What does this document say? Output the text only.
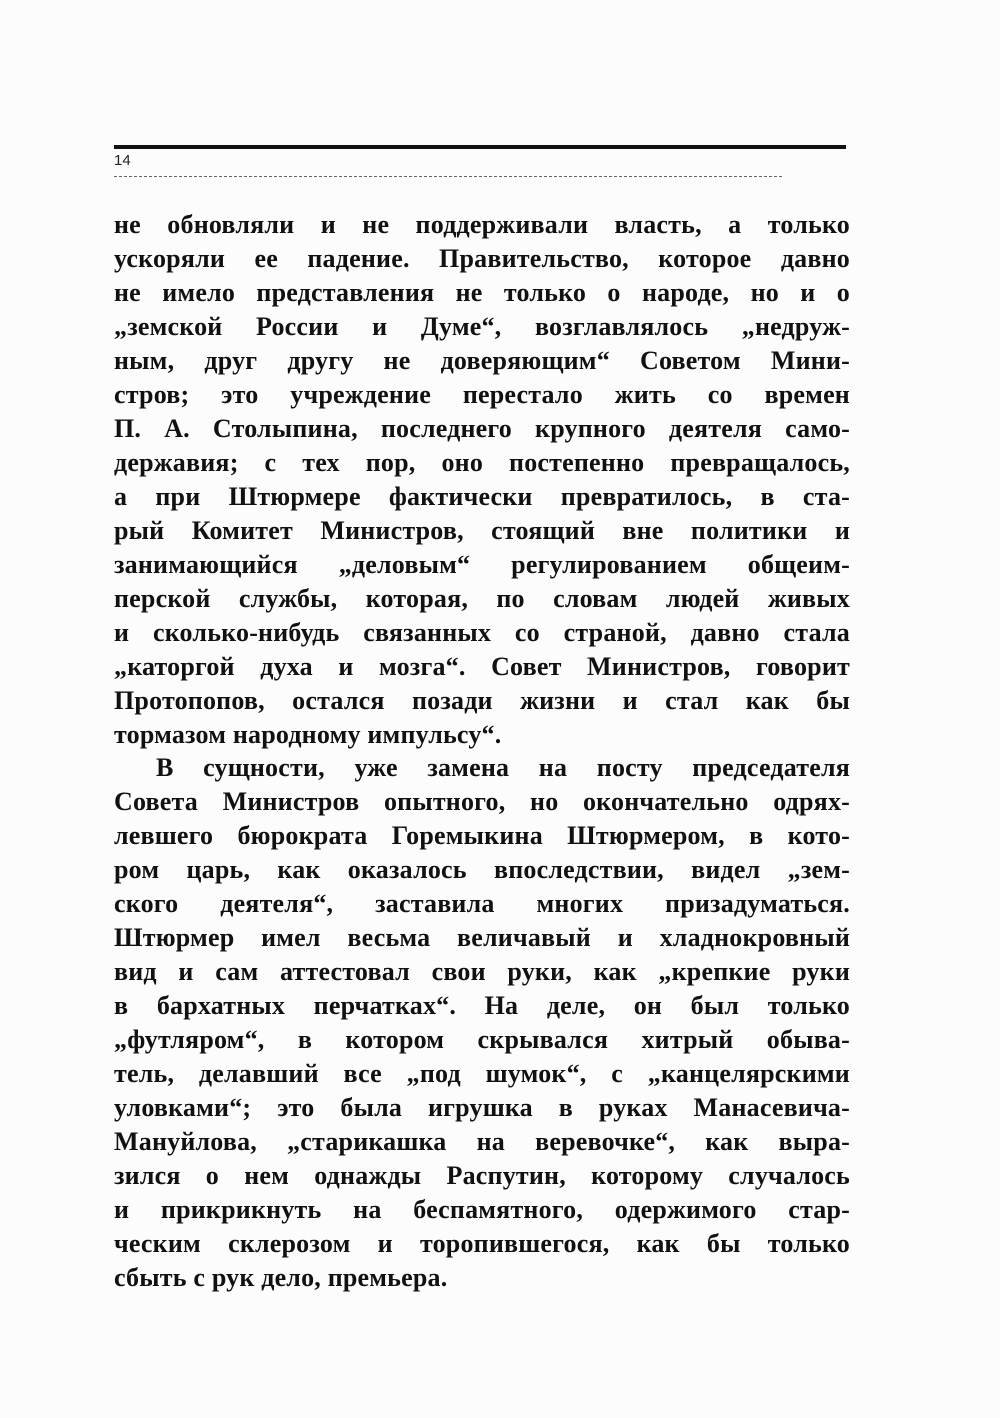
14
не обновляли и не поддерживали власть, а только
ускоряли ее падение. Правительство, которое давно
не имело представления не только о народе, но и о
„земской России и Думе“, возглавлялось „недруж-
ным, друг другу не доверяющим“ Советом Мини-
стров; это учреждение перестало жить со времен
П. А. Столыпина, последнего крупного деятеля само-
державия; с тех пор, оно постепенно превращалось,
а при Штюрмере фактически превратилось, в ста-
рый Комитет Министров, стоящий вне политики и
занимающийся „деловым“ регулированием общеим-
перской службы, которая, по словам людей живых
и сколько-нибудь связанных со страной, давно стала
„каторгой духа и мозга“. Совет Министров, говорит
Протопопов, остался позади жизни и стал как бы
тормазом народному импульсу“.
В сущности, уже замена на посту председателя
Совета Министров опытного, но окончательно одрях-
левшего бюрократа Горемыкина Штюрмером, в кото-
ром царь, как оказалось впоследствии, видел „зем-
ского деятеля“, заставила многих призадуматься.
Штюрмер имел весьма величавый и хладнокровный
вид и сам аттестовал свои руки, как „крепкие руки
в бархатных перчатках“. На деле, он был только
„футляром“, в котором скрывался хитрый обыва-
тель, делавший все „под шумок“, с „канцелярскими
уловками“; это была игрушка в руках Манасевича-
Мануйлова, „старикашка на веревочке“, как выра-
зился о нем однажды Распутин, которому случалось
и прикрикнуть на беспамятного, одержимого стар-
ческим склерозом и торопившегося, как бы только
сбыть с рук дело, премьера.
